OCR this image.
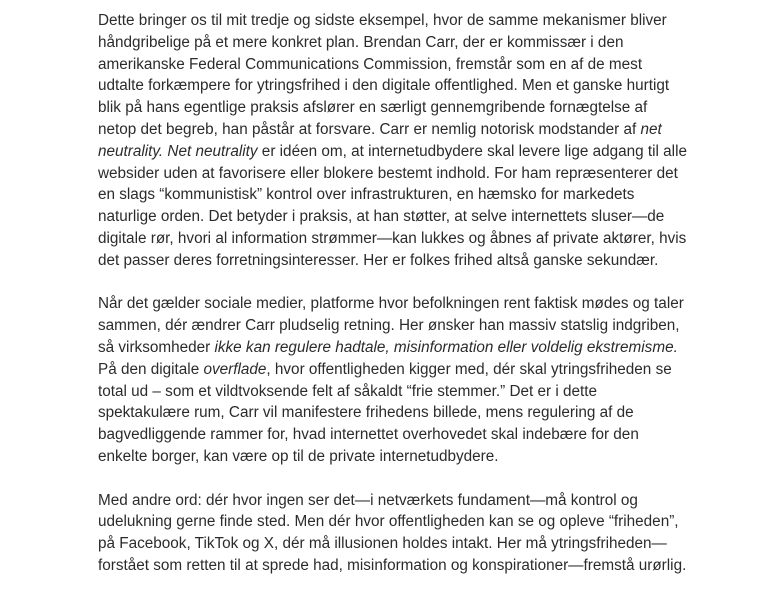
Dette bringer os til mit tredje og sidste eksempel, hvor de samme mekanismer bliver håndgribelige på et mere konkret plan. Brendan Carr, der er kommissær i den amerikanske Federal Communications Commission, fremstår som en af de mest udtalte forkæmpere for ytringsfrihed i den digitale offentlighed. Men et ganske hurtigt blik på hans egentlige praksis afslører en særligt gennemgribende fornægtelse af netop det begreb, han påstår at forsvare. Carr er nemlig notorisk modstander af net neutrality. Net neutrality er idéen om, at internetudbydere skal levere lige adgang til alle websider uden at favorisere eller blokere bestemt indhold. For ham repræsenterer det en slags “kommunistisk” kontrol over infrastrukturen, en hæmsko for markedets naturlige orden. Det betyder i praksis, at han støtter, at selve internettets sluser—de digitale rør, hvori al information strømmer—kan lukkes og åbnes af private aktører, hvis det passer deres forretningsinteresser. Her er folkes frihed altså ganske sekundær.

Når det gælder sociale medier, platforme hvor befolkningen rent faktisk mødes og taler sammen, dér ændrer Carr pludselig retning. Her ønsker han massiv statslig indgriben, så virksomheder ikke kan regulere hadtale, misinformation eller voldelig ekstremisme. På den digitale overflade, hvor offentligheden kigger med, dér skal ytringsfriheden se total ud – som et vildtvoksende felt af såkaldt “frie stemmer.” Det er i dette spektakulære rum, Carr vil manifestere frihedens billede, mens regulering af de bagvedliggende rammer for, hvad internettet overhovedet skal indebære for den enkelte borger, kan være op til de private internetudbydere.

Med andre ord: dér hvor ingen ser det—i netværkets fundament—må kontrol og udelukning gerne finde sted. Men dér hvor offentligheden kan se og opleve “friheden”, på Facebook, TikTok og X, dér må illusionen holdes intakt. Her må ytringsfriheden—forstået som retten til at sprede had, misinformation og konspirationer—fremstå urørlig.
